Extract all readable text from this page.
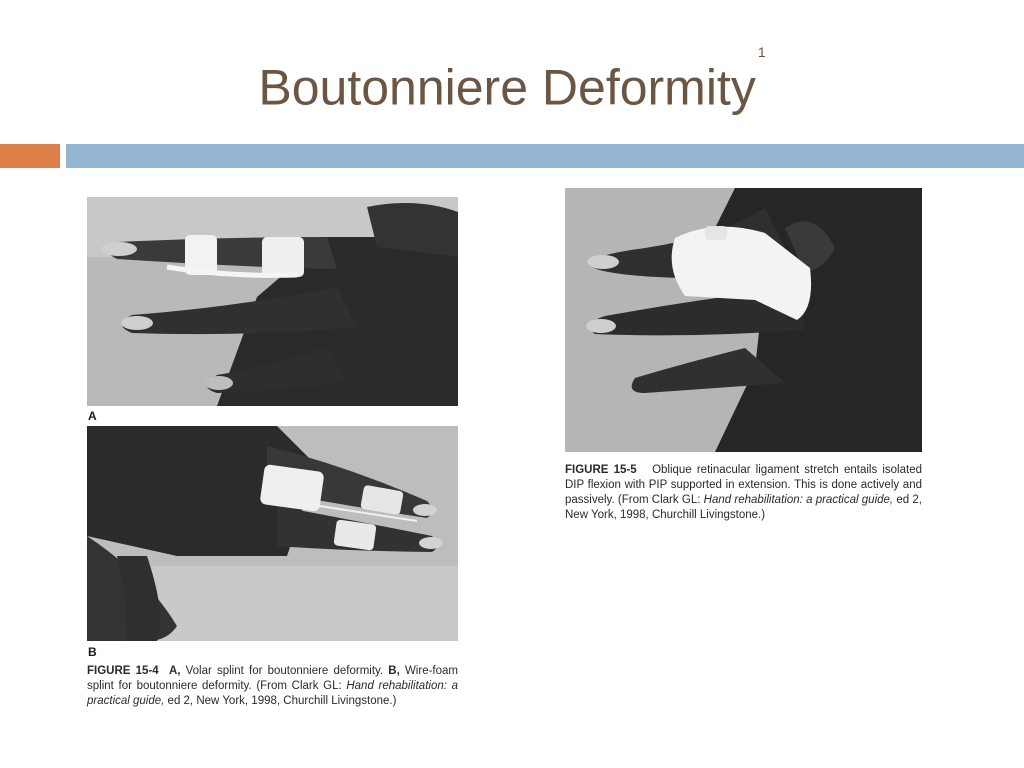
Boutonniere Deformity$^1$
A
B
FIGURE 15-4 A, Volar splint for boutonniere deformity. B, Wire-foam splint for boutonniere deformity. (From Clark GL: Hand rehabilitation: a practical guide, ed 2, New York, 1998, Churchill Livingstone.)
FIGURE 15-5 Oblique retinacular ligament stretch entails isolated DIP flexion with PIP supported in extension. This is done actively and passively. (From Clark GL: Hand rehabilitation: a practical guide, ed 2, New York, 1998, Churchill Livingstone.)
